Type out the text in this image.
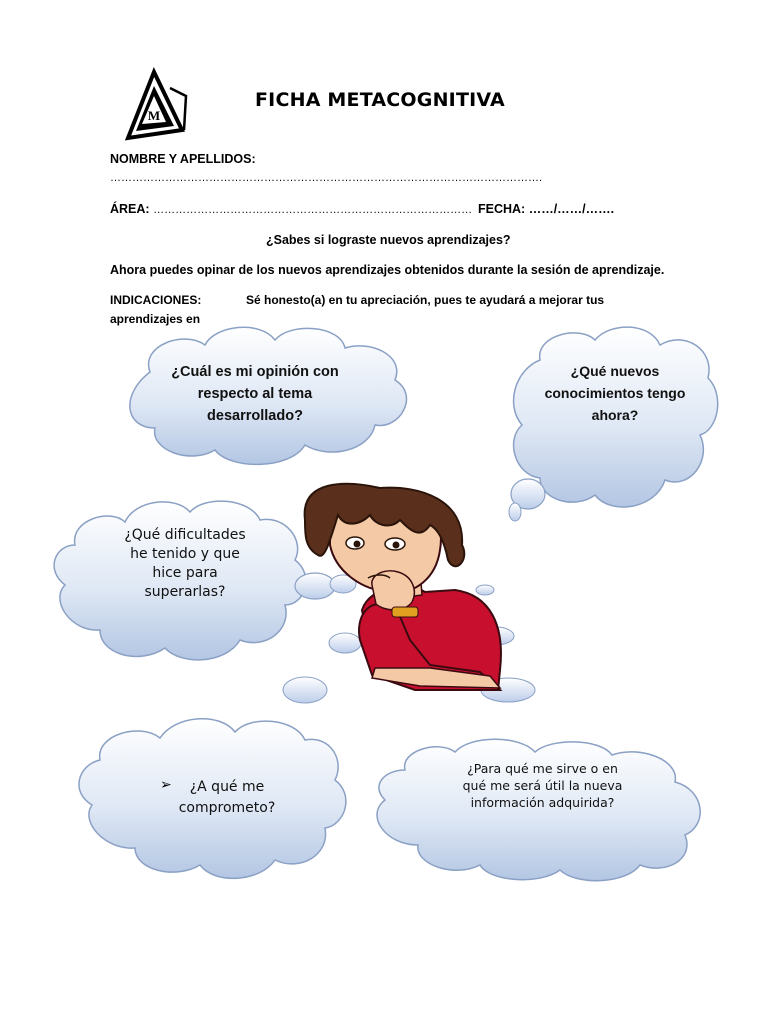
M
FICHA METACOGNITIVA
NOMBRE Y APELLIDOS:
……………………………………………………………………………………………………….
ÁREA: …………………………………………………………………………… FECHA: ……/……/…….
¿Sabes si lograste nuevos aprendizajes?
Ahora puedes opinar de los nuevos aprendizajes obtenidos durante la sesión de aprendizaje.
INDICACIONES:	Sé honesto(a) en tu apreciación, pues te ayudará a mejorar tus
aprendizajes en
¿Cuál es mi opinión con respecto al tema desarrollado?
¿Qué nuevos conocimientos tengo ahora?
¿Qué dificultades he tenido y que hice para superarlas?
➢	¿A qué me comprometo?
¿Para qué me sirve o en qué me será útil la nueva información adquirida?
